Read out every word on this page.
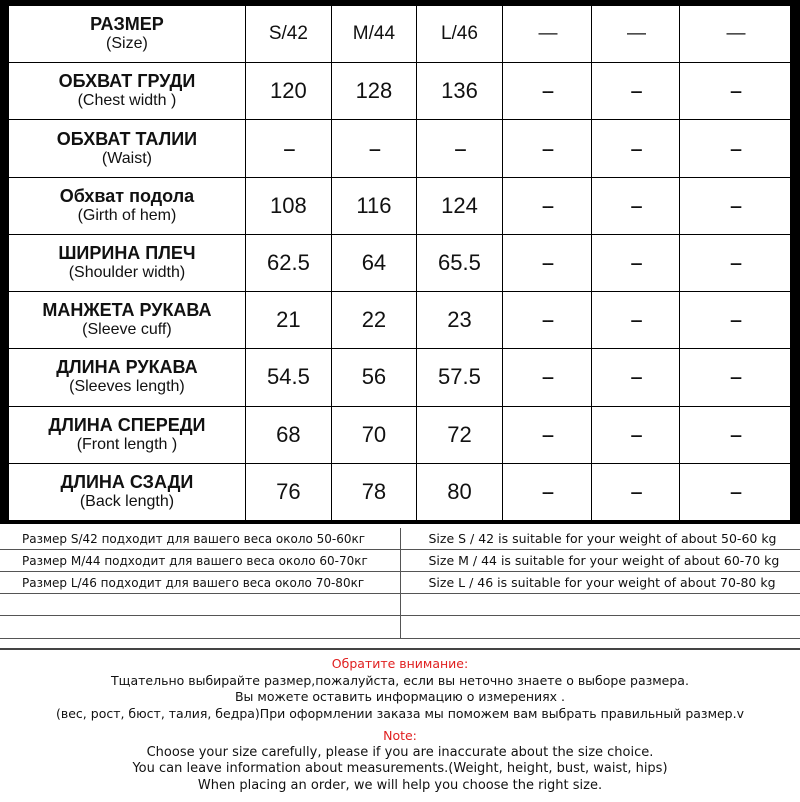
РАЗМЕР
(Size)	S/42	M/44	L/46	—	—	—

ОБХВАТ ГРУДИ
(Chest width )	120	128	136	--	--	--

ОБХВАТ ТАЛИИ
(Waist)	--	--	--	--	--	--

Обхват подола
(Girth of hem)	108	116	124	--	--	--

ШИРИНА ПЛЕЧ
(Shoulder width)	62.5	64	65.5	--	--	--

МАНЖЕТА РУКАВА
(Sleeve cuff)	21	22	23	--	--	--

ДЛИНА РУКАВА
(Sleeves length)	54.5	56	57.5	--	--	--

ДЛИНА СПЕРЕДИ
(Front length )	68	70	72	--	--	--

ДЛИНА СЗАДИ
(Back length)	76	78	80	--	--	--
Размер S/42 подходит для вашего веса около 50-60кг	Size S / 42 is suitable for your weight of about 50-60 kg
Размер M/44 подходит для вашего веса около 60-70кг	Size M / 44 is suitable for your weight of about 60-70 kg
Размер L/46 подходит для вашего веса около 70-80кг	Size L / 46 is suitable for your weight of about 70-80 kg

Обратите внимание:
Тщательно выбирайте размер,пожалуйста, если вы неточно знаете о выборе размера.
Вы можете оставить информацию о измерениях .
(вес, рост, бюст, талия, бедра)При оформлении заказа мы поможем вам выбрать правильный размер.v
Note:
Choose your size carefully, please if you are inaccurate about the size choice.
You can leave information about measurements.(Weight, height, bust, waist, hips)
When placing an order, we will help you choose the right size.
